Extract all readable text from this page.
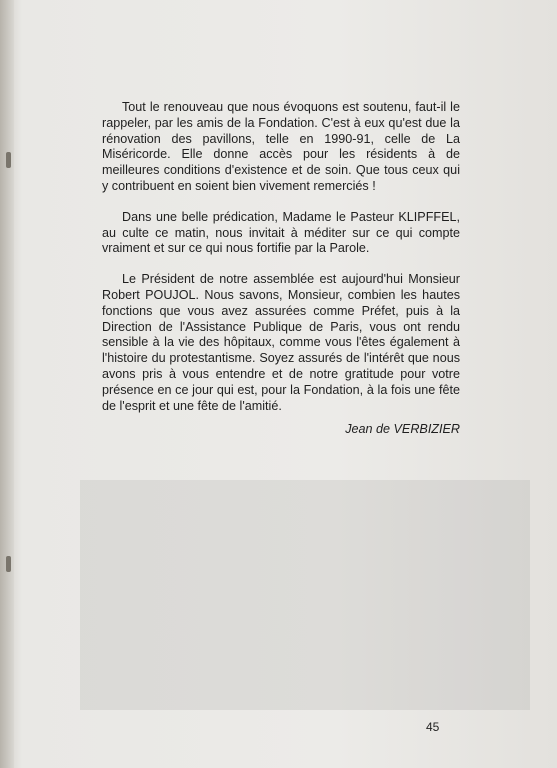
Tout le renouveau que nous évoquons est soutenu, faut-il le rappeler, par les amis de la Fondation. C'est à eux qu'est due la rénovation des pavillons, telle en 1990-91, celle de La Miséricorde. Elle donne accès pour les résidents à de meilleures conditions d'existence et de soin. Que tous ceux qui y contribuent en soient bien vivement remerciés !

Dans une belle prédication, Madame le Pasteur KLIPFFEL, au culte ce matin, nous invitait à méditer sur ce qui compte vraiment et sur ce qui nous fortifie par la Parole.

Le Président de notre assemblée est aujourd'hui Monsieur Robert POUJOL. Nous savons, Monsieur, combien les hautes fonctions que vous avez assurées comme Préfet, puis à la Direction de l'Assistance Publique de Paris, vous ont rendu sensible à la vie des hôpitaux, comme vous l'êtes également à l'histoire du protestantisme. Soyez assurés de l'intérêt que nous avons pris à vous entendre et de notre gratitude pour votre présence en ce jour qui est, pour la Fondation, à la fois une fête de l'esprit et une fête de l'amitié.

Jean de VERBIZIER
45
